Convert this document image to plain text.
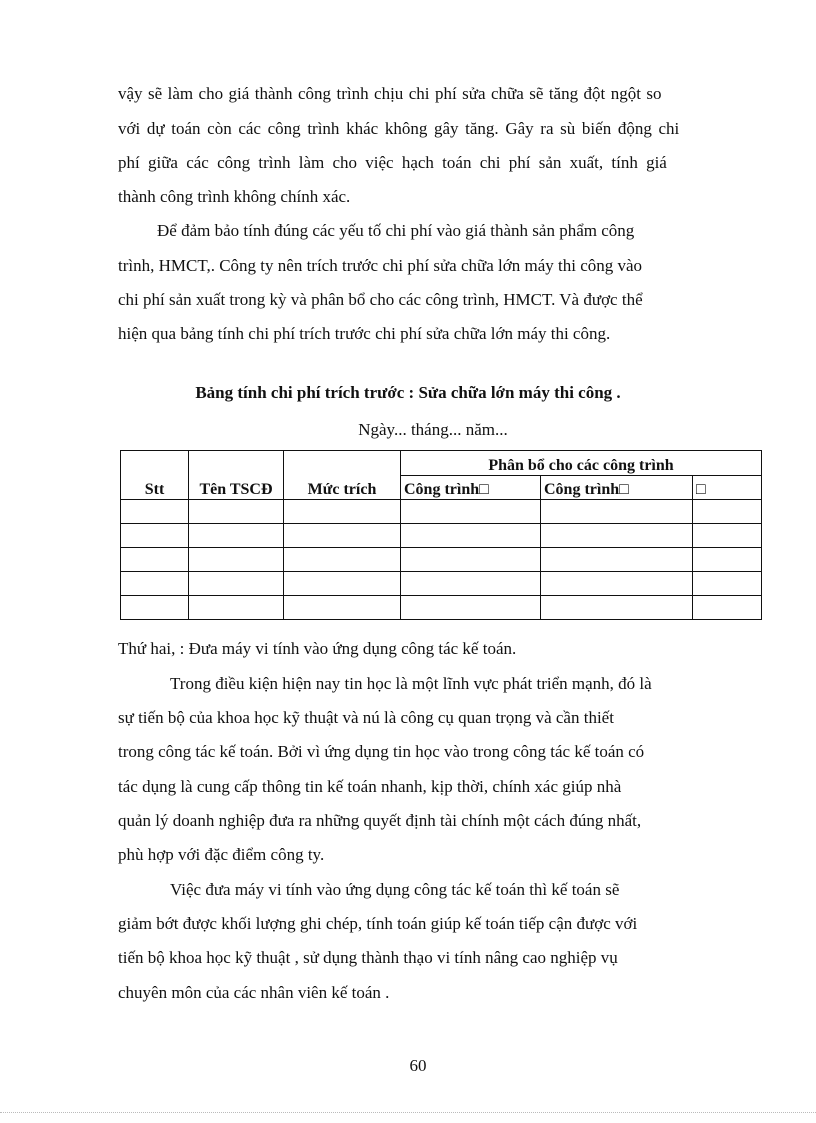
vậy sẽ làm cho giá thành công trình chịu chi phí sửa chữa sẽ tăng đột ngột so

với dự toán còn các công trình khác không gây tăng. Gây ra sù biến động chi

phí giữa các công trình làm cho việc hạch toán chi phí sản xuất, tính giá

thành công trình không chính xác.

Để đảm bảo tính đúng các yếu tố chi phí vào giá thành sản phẩm công

trình, HMCT,. Công ty nên trích trước chi phí sửa chữa lớn máy thi công vào

chi phí sản xuất trong kỳ và phân bổ cho các công trình, HMCT. Và được thể

hiện qua bảng tính chi phí trích trước chi phí sửa chữa lớn máy thi công.

Bảng tính chi phí trích trước : Sửa chữa lớn máy thi công .

Ngày... tháng... năm...

Stt	Tên TSCĐ	Mức trích	Phân bổ cho các công trình		
			Công trình□	Công trình□	□

Thứ hai, : Đưa máy vi tính vào ứng dụng công tác kế toán.

Trong điều kiện hiện nay tin học là một lĩnh vực phát triển mạnh, đó là

sự tiến bộ của khoa học kỹ thuật và nú là công cụ quan trọng và cần thiết

trong công tác kế toán. Bởi vì ứng dụng tin học vào trong công tác kế toán có

tác dụng là cung cấp thông tin kế toán nhanh, kịp thời, chính xác giúp nhà

quản lý doanh nghiệp đưa ra những quyết định tài chính một cách đúng nhất,

phù hợp với đặc điểm công ty.

Việc đưa máy vi tính vào ứng dụng công tác kế toán thì kế toán sẽ

giảm bớt được khối lượng ghi chép, tính toán giúp kế toán tiếp cận được với

tiến bộ khoa học kỹ thuật , sử dụng thành thạo vi tính nâng cao nghiệp vụ

chuyên môn của các nhân viên kế toán .

60
